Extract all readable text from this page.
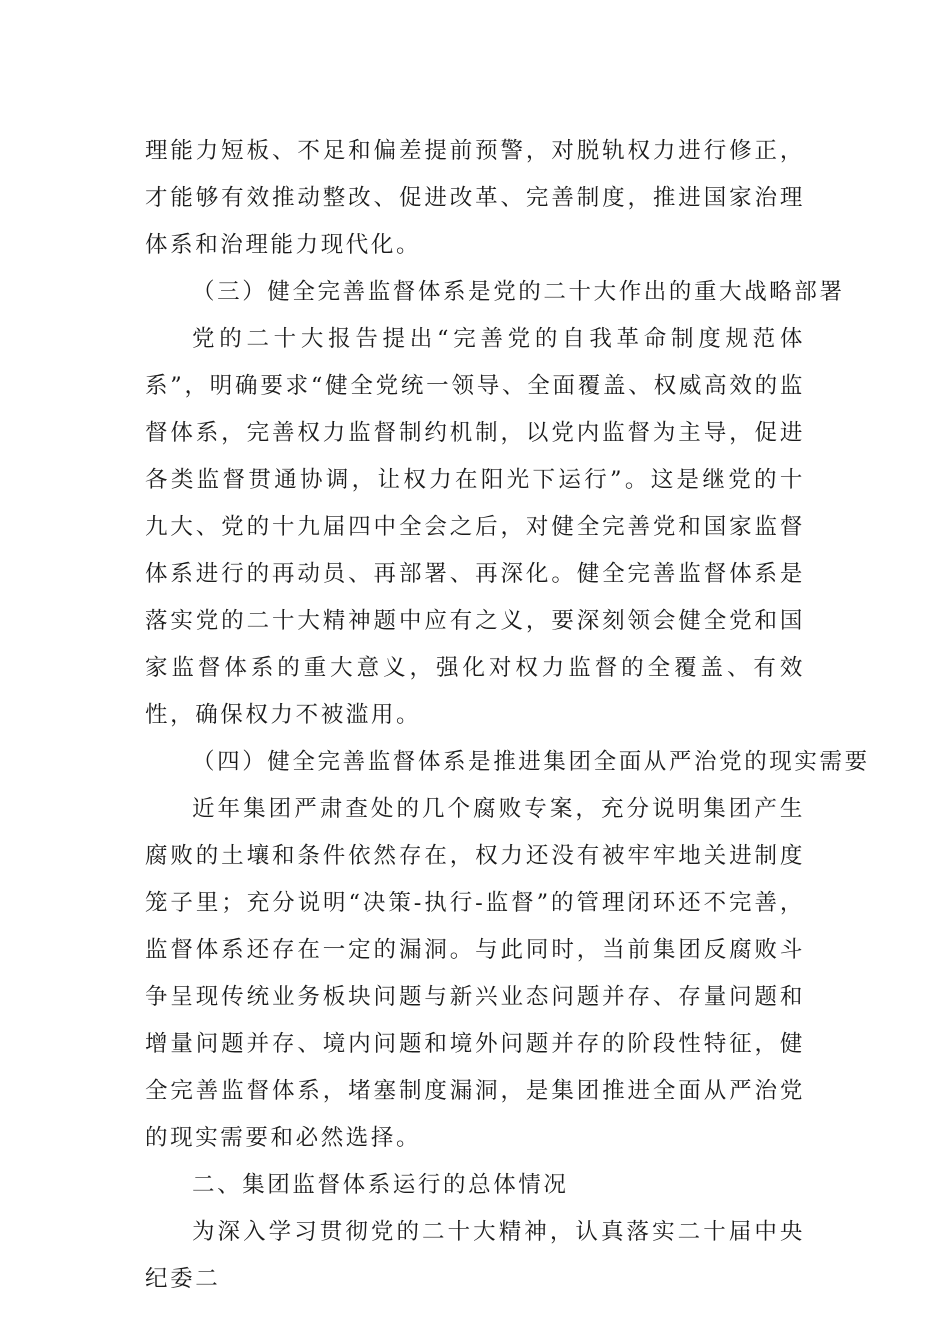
理能力短板、不足和偏差提前预警，对脱轨权力进行修正，才能够有效推动整改、促进改革、完善制度，推进国家治理体系和治理能力现代化。

（三）健全完善监督体系是党的二十大作出的重大战略部署

党的二十大报告提出“完善党的自我革命制度规范体系”，明确要求“健全党统一领导、全面覆盖、权威高效的监督体系，完善权力监督制约机制，以党内监督为主导，促进各类监督贯通协调，让权力在阳光下运行”。这是继党的十九大、党的十九届四中全会之后，对健全完善党和国家监督体系进行的再动员、再部署、再深化。健全完善监督体系是落实党的二十大精神题中应有之义，要深刻领会健全党和国家监督体系的重大意义，强化对权力监督的全覆盖、有效性，确保权力不被滥用。

（四）健全完善监督体系是推进集团全面从严治党的现实需要

近年集团严肃查处的几个腐败专案，充分说明集团产生腐败的土壤和条件依然存在，权力还没有被牢牢地关进制度笼子里；充分说明“决策-执行-监督”的管理闭环还不完善，监督体系还存在一定的漏洞。与此同时，当前集团反腐败斗争呈现传统业务板块问题与新兴业态问题并存、存量问题和增量问题并存、境内问题和境外问题并存的阶段性特征，健全完善监督体系，堵塞制度漏洞，是集团推进全面从严治党的现实需要和必然选择。

二、集团监督体系运行的总体情况

为深入学习贯彻党的二十大精神，认真落实二十届中央纪委二
